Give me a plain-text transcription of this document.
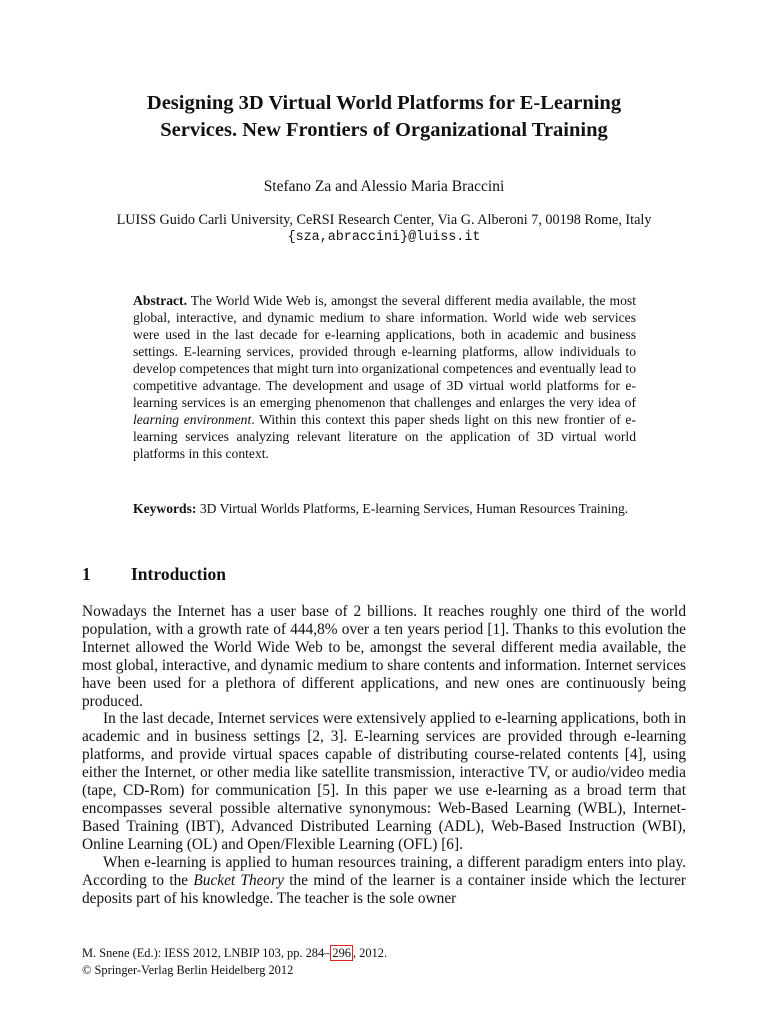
Designing 3D Virtual World Platforms for E-Learning
Services. New Frontiers of Organizational Training
Stefano Za and Alessio Maria Braccini
LUISS Guido Carli University, CeRSI Research Center, Via G. Alberoni 7, 00198 Rome, Italy
{sza,abraccini}@luiss.it
Abstract. The World Wide Web is, amongst the several different media available, the most global, interactive, and dynamic medium to share information. World wide web services were used in the last decade for e-learning applications, both in academic and business settings. E-learning services, provided through e-learning platforms, allow individuals to develop competences that might turn into organizational competences and eventually lead to competitive advantage. The development and usage of 3D virtual world platforms for e-learning services is an emerging phenomenon that challenges and enlarges the very idea of learning environment. Within this context this paper sheds light on this new frontier of e-learning services analyzing relevant literature on the application of 3D virtual world platforms in this context.
Keywords: 3D Virtual Worlds Platforms, E-learning Services, Human Resources Training.
1 Introduction

Nowadays the Internet has a user base of 2 billions. It reaches roughly one third of the world population, with a growth rate of 444,8% over a ten years period [1]. Thanks to this evolution the Internet allowed the World Wide Web to be, amongst the several different media available, the most global, interactive, and dynamic medium to share contents and information. Internet services have been used for a plethora of different applications, and new ones are continuously being produced.

In the last decade, Internet services were extensively applied to e-learning applications, both in academic and in business settings [2, 3]. E-learning services are provided through e-learning platforms, and provide virtual spaces capable of distributing course-related contents [4], using either the Internet, or other media like satellite transmission, interactive TV, or audio/video media (tape, CD-Rom) for communication [5]. In this paper we use e-learning as a broad term that encompasses several possible alternative synonymous: Web-Based Learning (WBL), Internet-Based Training (IBT), Advanced Distributed Learning (ADL), Web-Based Instruction (WBI), Online Learning (OL) and Open/Flexible Learning (OFL) [6].

When e-learning is applied to human resources training, a different paradigm enters into play. According to the Bucket Theory the mind of the learner is a container inside which the lecturer deposits part of his knowledge. The teacher is the sole owner

M. Snene (Ed.): IESS 2012, LNBIP 103, pp. 284– 296 , 2012.
© Springer-Verlag Berlin Heidelberg 2012
